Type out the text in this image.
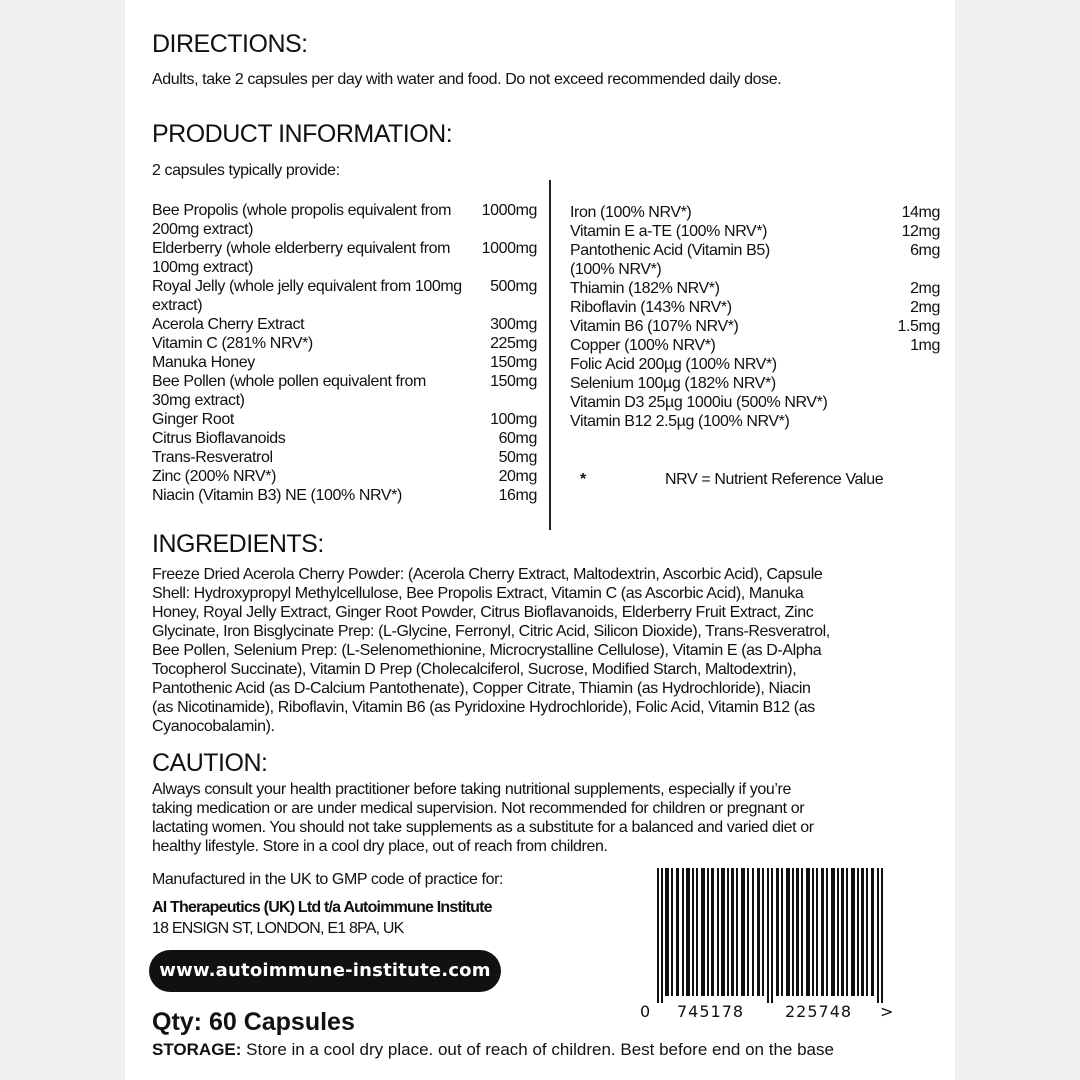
DIRECTIONS:
Adults, take 2 capsules per day with water and food. Do not exceed recommended daily dose.
PRODUCT INFORMATION:
2 capsules typically provide:
Bee Propolis (whole propolis equivalent from 200mg extract)
1000mg
Elderberry (whole elderberry equivalent from 100mg extract)
1000mg
Royal Jelly (whole jelly equivalent from 100mg extract)
500mg
Acerola Cherry Extract	300mg
Vitamin C (281% NRV*)	225mg
Manuka Honey	150mg
Bee Pollen (whole pollen equivalent from 30mg extract)
150mg
Ginger Root	100mg
Citrus Bioflavanoids	60mg
Trans-Resveratrol	50mg
Zinc (200% NRV*)	20mg
Niacin (Vitamin B3) NE (100% NRV*)	16mg
Iron (100% NRV*)	14mg
Vitamin E a-TE (100% NRV*)	12mg
Pantothenic Acid (Vitamin B5) (100% NRV*)
6mg
Thiamin (182% NRV*)	2mg
Riboflavin (143% NRV*)	2mg
Vitamin B6 (107% NRV*)	1.5mg
Copper (100% NRV*)	1mg
Folic Acid 200µg (100% NRV*)
Selenium 100µg (182% NRV*)
Vitamin D3 25µg 1000iu (500% NRV*)
Vitamin B12 2.5µg (100% NRV*)
*	NRV = Nutrient Reference Value
INGREDIENTS:
Freeze Dried Acerola Cherry Powder: (Acerola Cherry Extract, Maltodextrin, Ascorbic Acid), Capsule
Shell: Hydroxypropyl Methylcellulose, Bee Propolis Extract, Vitamin C (as Ascorbic Acid), Manuka
Honey, Royal Jelly Extract, Ginger Root Powder, Citrus Bioflavanoids, Elderberry Fruit Extract, Zinc
Glycinate, Iron Bisglycinate Prep: (L-Glycine, Ferronyl, Citric Acid, Silicon Dioxide), Trans-Resveratrol,
Bee Pollen, Selenium Prep: (L-Selenomethionine, Microcrystalline Cellulose), Vitamin E (as D-Alpha
Tocopherol Succinate), Vitamin D Prep (Cholecalciferol, Sucrose, Modified Starch, Maltodextrin),
Pantothenic Acid (as D-Calcium Pantothenate), Copper Citrate, Thiamin (as Hydrochloride), Niacin
(as Nicotinamide), Riboflavin, Vitamin B6 (as Pyridoxine Hydrochloride), Folic Acid, Vitamin B12 (as
Cyanocobalamin).
CAUTION:
Always consult your health practitioner before taking nutritional supplements, especially if you’re
taking medication or are under medical supervision. Not recommended for children or pregnant or
lactating women. You should not take supplements as a substitute for a balanced and varied diet or
healthy lifestyle. Store in a cool dry place, out of reach from children.
Manufactured in the UK to GMP code of practice for:
AI Therapeutics (UK) Ltd t/a Autoimmune Institute
18 ENSIGN ST, LONDON, E1 8PA, UK
www.autoimmune-institute.com
0 745178	225748 >
Qty: 60 Capsules
STORAGE: Store in a cool dry place. out of reach of children. Best before end on the base
